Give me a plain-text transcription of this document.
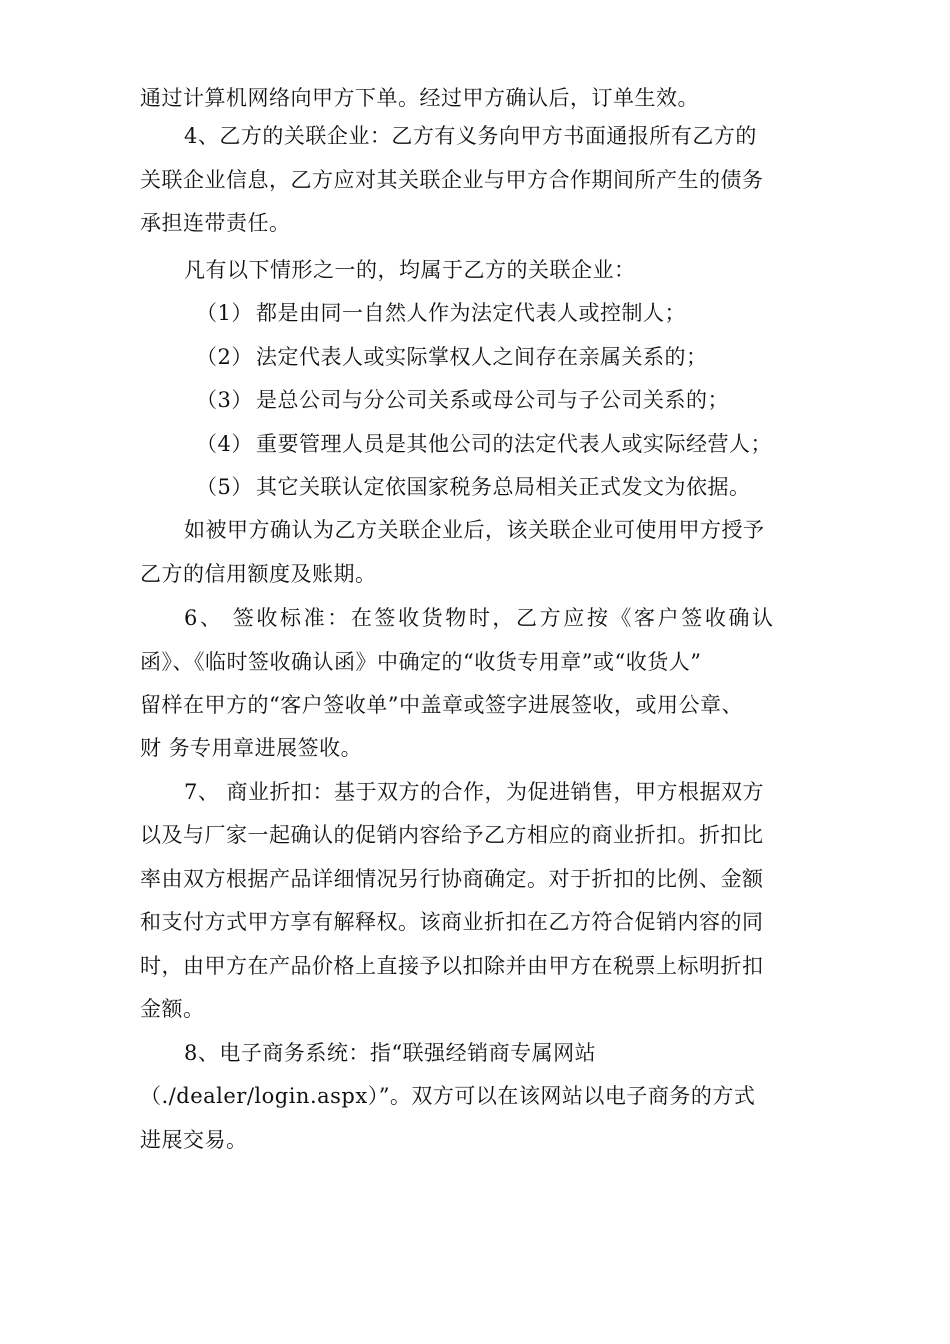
通过计算机网络向甲方下单。经过甲方确认后，订单生效。
4、乙方的关联企业：乙方有义务向甲方书面通报所有乙方的
关联企业信息，乙方应对其关联企业与甲方合作期间所产生的债务
承担连带责任。
凡有以下情形之一的，均属于乙方的关联企业：
（1） 都是由同一自然人作为法定代表人或控制人；
（2） 法定代表人或实际掌权人之间存在亲属关系的；
（3） 是总公司与分公司关系或母公司与子公司关系的；
（4） 重要管理人员是其他公司的法定代表人或实际经营人；
（5） 其它关联认定依国家税务总局相关正式发文为依据。
如被甲方确认为乙方关联企业后，该关联企业可使用甲方授予
乙方的信用额度及账期。
6、 签收标准：在签收货物时，乙方应按《客户签收确认
函》、《临时签收确认函》中确定的“收货专用章”或“收货人”
留样在甲方的“客户签收单”中盖章或签字进展签收，或用公章、
财 务专用章进展签收。
7、 商业折扣：基于双方的合作，为促进销售，甲方根据双方
以及与厂家一起确认的促销内容给予乙方相应的商业折扣。折扣比
率由双方根据产品详细情况另行协商确定。对于折扣的比例、金额
和支付方式甲方享有解释权。该商业折扣在乙方符合促销内容的同
时，由甲方在产品价格上直接予以扣除并由甲方在税票上标明折扣
金额。
8、电子商务系统：指“联强经销商专属网站
（./dealer/login.aspx）”。双方可以在该网站以电子商务的方式
进展交易。
